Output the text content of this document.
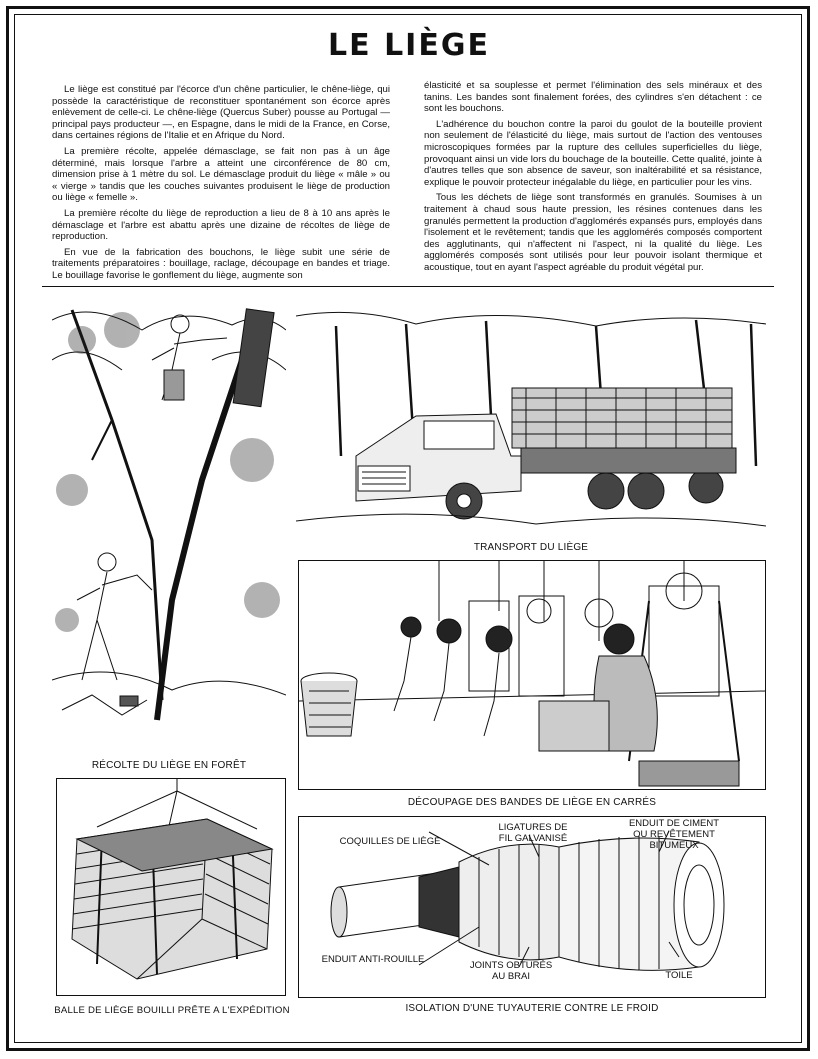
LE LIÈGE

Le liège est constitué par l'écorce d'un chêne particulier, le chêne-liège, qui possède la caractéristique de reconstituer spontanément son écorce après enlèvement de celle-ci. Le chêne-liège (Quercus Suber) pousse au Portugal — principal pays producteur —, en Espagne, dans le midi de la France, en Corse, dans certaines régions de l'Italie et en Afrique du Nord.

La première récolte, appelée démasclage, se fait non pas à un âge déterminé, mais lorsque l'arbre a atteint une circonférence de 80 cm, dimension prise à 1 mètre du sol. Le démasclage produit du liège « mâle » ou « vierge » tandis que les couches suivantes produisent le liège de production ou liège « femelle ».

La première récolte du liège de reproduction a lieu de 8 à 10 ans après le démasclage et l'arbre est abattu après une dizaine de récoltes de liège de reproduction.

En vue de la fabrication des bouchons, le liège subit une série de traitements préparatoires : bouillage, raclage, découpage en bandes et triage. Le bouillage favorise le gonflement du liège, augmente son

élasticité et sa souplesse et permet l'élimination des sels minéraux et des tanins. Les bandes sont finalement forées, des cylindres s'en détachent : ce sont les bouchons.

L'adhérence du bouchon contre la paroi du goulot de la bouteille provient non seulement de l'élasticité du liège, mais surtout de l'action des ventouses microscopiques formées par la rupture des cellules superficielles du liège, provoquant ainsi un vide lors du bouchage de la bouteille. Cette qualité, jointe à d'autres telles que son absence de saveur, son inaltérabilité et sa résistance, explique le pouvoir protecteur inégalable du liège, en particulier pour les vins.

Tous les déchets de liège sont transformés en granulés. Soumises à un traitement à chaud sous haute pression, les résines contenues dans les granulés permettent la production d'agglomérés expansés purs, employés dans l'isolement et le revêtement; tandis que les agglomérés composés comportent des agglutinants, qui n'affectent ni l'aspect, ni la qualité du liège. Les agglomérés composés sont utilisés pour leur pouvoir isolant thermique et acoustique, tout en ayant l'aspect agréable du produit végétal pur.

RÉCOLTE DU LIÈGE EN FORÊT
TRANSPORT DU LIÈGE
DÉCOUPAGE DES BANDES DE LIÈGE EN CARRÉS
BALLE DE LIÈGE BOUILLI PRÊTE A L'EXPÉDITION
COQUILLES DE LIÈGE
LIGATURES DE
FIL GALVANISÉ
ENDUIT DE CIMENT
OU REVÊTEMENT
BITUMEUX
ENDUIT ANTI-ROUILLE
JOINTS OBTURÉS
AU BRAI	TOILE
ISOLATION D'UNE TUYAUTERIE CONTRE LE FROID
